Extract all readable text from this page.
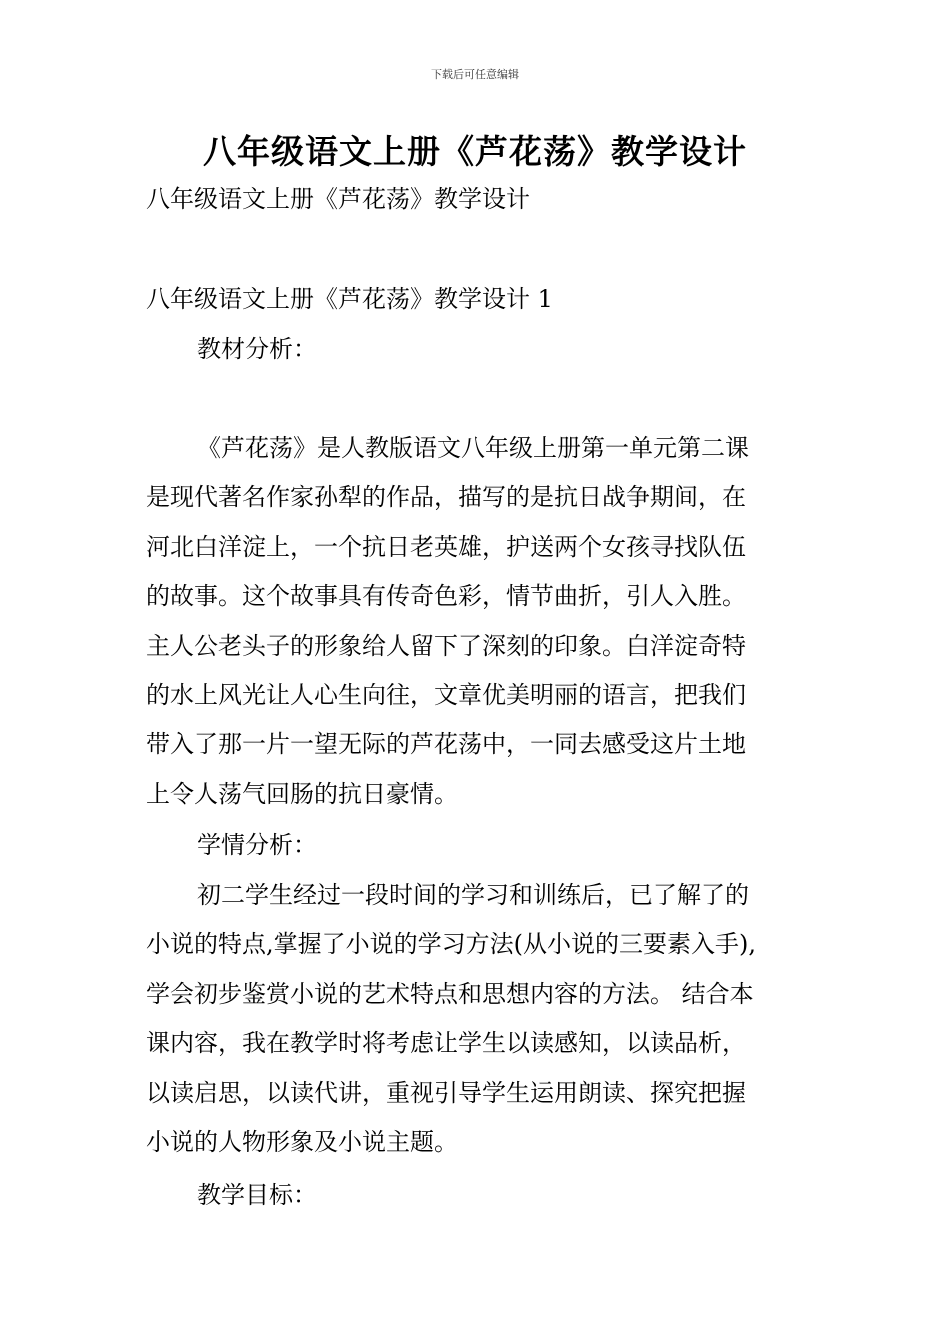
下载后可任意编辑
八年级语文上册《芦花荡》教学设计
八年级语文上册《芦花荡》教学设计
八年级语文上册《芦花荡》教学设计 1
教材分析：
《芦花荡》是人教版语文八年级上册第一单元第二课
是现代著名作家孙犁的作品，描写的是抗日战争期间，在
河北白洋淀上，一个抗日老英雄，护送两个女孩寻找队伍
的故事。这个故事具有传奇色彩，情节曲折，引人入胜。
主人公老头子的形象给人留下了深刻的印象。白洋淀奇特
的水上风光让人心生向往，文章优美明丽的语言，把我们
带入了那一片一望无际的芦花荡中，一同去感受这片土地
上令人荡气回肠的抗日豪情。
学情分析：
初二学生经过一段时间的学习和训练后，已了解了的
小说的特点,掌握了小说的学习方法(从小说的三要素入手),
学会初步鉴赏小说的艺术特点和思想内容的方法。 结合本
课内容，我在教学时将考虑让学生以读感知，以读品析，
以读启思，以读代讲，重视引导学生运用朗读、探究把握
小说的人物形象及小说主题。
教学目标：
